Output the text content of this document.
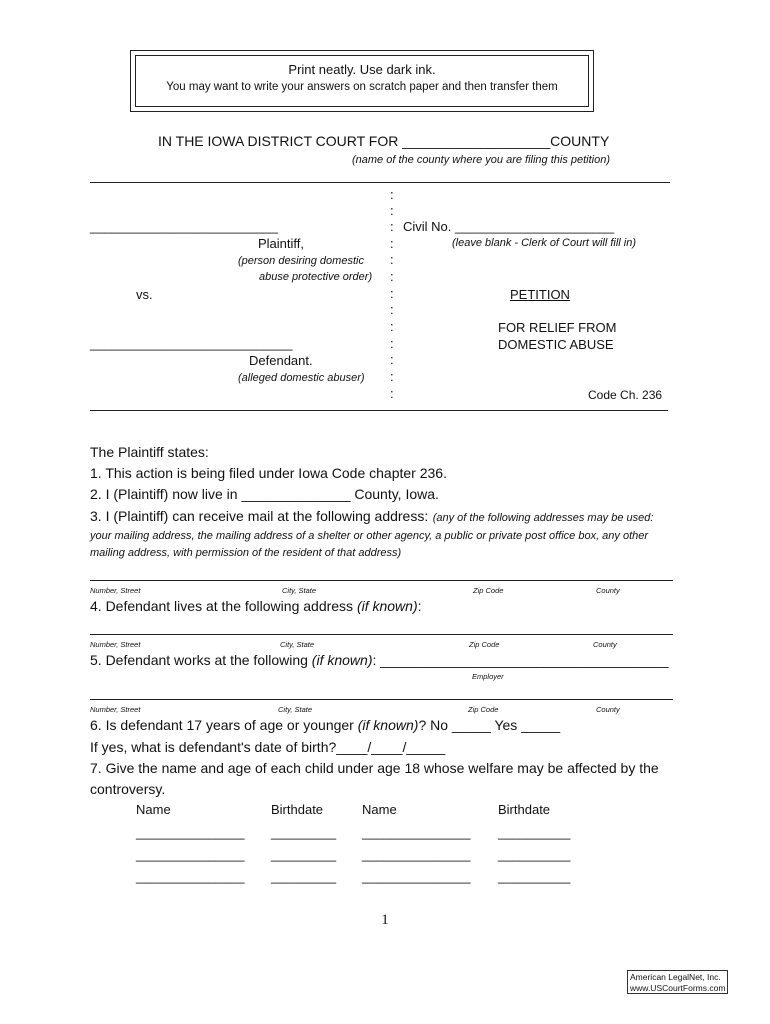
Print neatly. Use dark ink.
You may want to write your answers on scratch paper and then transfer them
IN THE IOWA DISTRICT COURT FOR ___________________COUNTY
(name of the county where you are filing this petition)
:
:
:
:
:
:
:
:
:
:
:
:
:
__________________________
Plaintiff,
(person desiring domestic
abuse protective order)
vs.
____________________________
Defendant.
(alleged domestic abuser)
Civil No. ______________________
(leave blank - Clerk of Court will fill in)
PETITION
FOR RELIEF FROM
DOMESTIC ABUSE
Code Ch. 236
The Plaintiff states:
1. This action is being filed under Iowa Code chapter 236.
2. I (Plaintiff) now live in ______________ County, Iowa.
3. I (Plaintiff) can receive mail at the following address: (any of the following addresses may be used:
your mailing address, the mailing address of a shelter or other agency, a public or private post office box, any other
mailing address, with permission of the resident of that address)
Number, Street	City, State	Zip Code	County
4. Defendant lives at the following address (if known):
Number, Street	City, State	Zip Code	County
5. Defendant works at the following (if known): _____________________________________
Employer
Number, Street	City, State	Zip Code	County
6. Is defendant 17 years of age or younger (if known)? No _____ Yes _____
If yes, what is defendant's date of birth?____/____/_____
7. Give the name and age of each child under age 18 whose welfare may be affected by the
controversy.
Name	Birthdate	Name	Birthdate
_______________ _________ _______________ __________
_______________ _________ _______________ __________
_______________ _________ _______________ __________
1
American LegalNet, Inc.
www.USCourtForms.com
